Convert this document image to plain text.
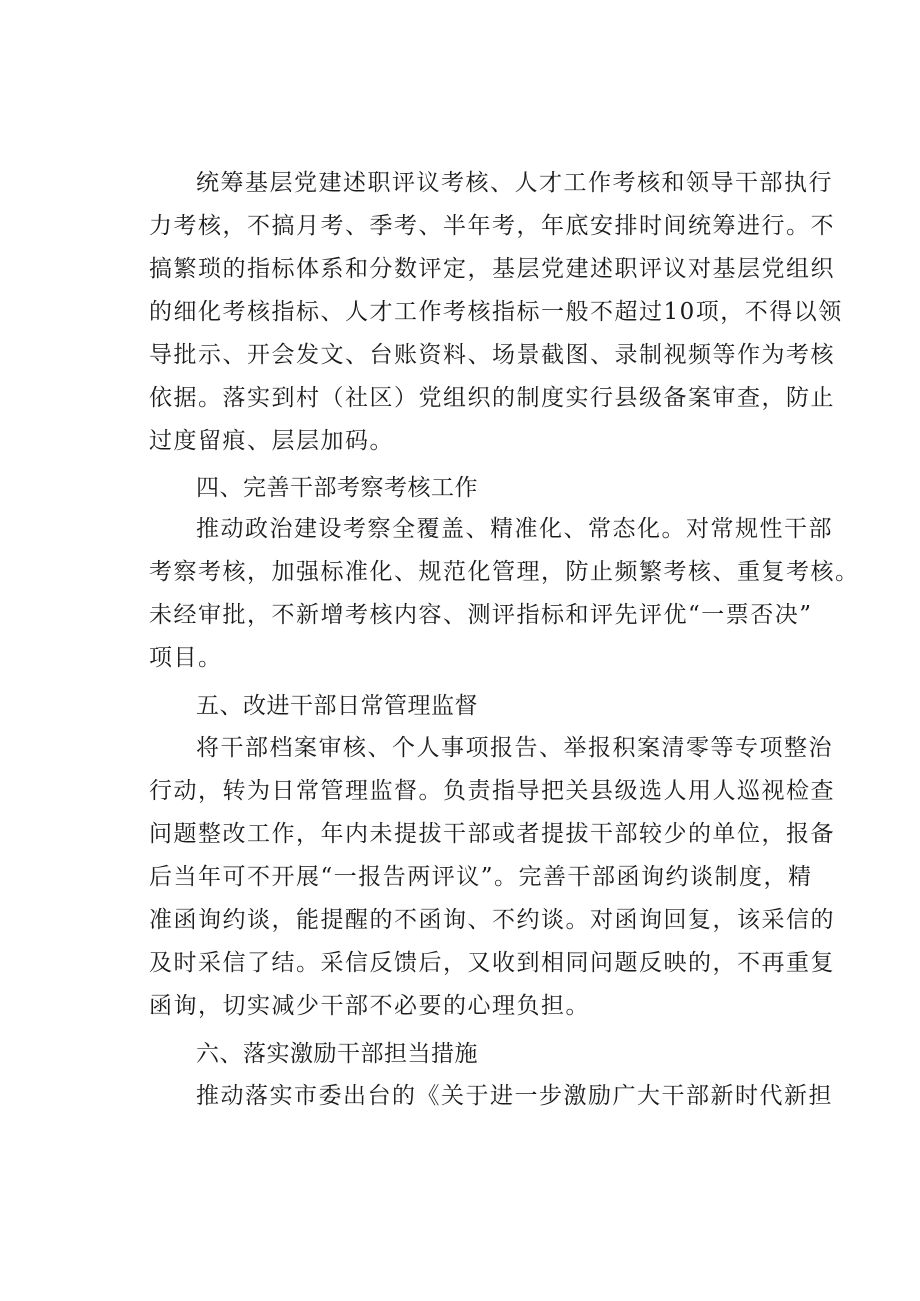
统筹基层党建述职评议考核、人才工作考核和领导干部执行
力考核，不搞月考、季考、半年考，年底安排时间统筹进行。不
搞繁琐的指标体系和分数评定，基层党建述职评议对基层党组织
的细化考核指标、人才工作考核指标一般不超过10项，不得以领
导批示、开会发文、台账资料、场景截图、录制视频等作为考核
依据。落实到村（社区）党组织的制度实行县级备案审查，防止
过度留痕、层层加码。
四、完善干部考察考核工作
推动政治建设考察全覆盖、精准化、常态化。对常规性干部
考察考核，加强标准化、规范化管理，防止频繁考核、重复考核。
未经审批，不新增考核内容、测评指标和评先评优“一票否决”
项目。
五、改进干部日常管理监督
将干部档案审核、个人事项报告、举报积案清零等专项整治
行动，转为日常管理监督。负责指导把关县级选人用人巡视检查
问题整改工作，年内未提拔干部或者提拔干部较少的单位，报备
后当年可不开展“一报告两评议”。完善干部函询约谈制度，精
准函询约谈，能提醒的不函询、不约谈。对函询回复，该采信的
及时采信了结。采信反馈后，又收到相同问题反映的，不再重复
函询，切实减少干部不必要的心理负担。
六、落实激励干部担当措施
推动落实市委出台的《关于进一步激励广大干部新时代新担
